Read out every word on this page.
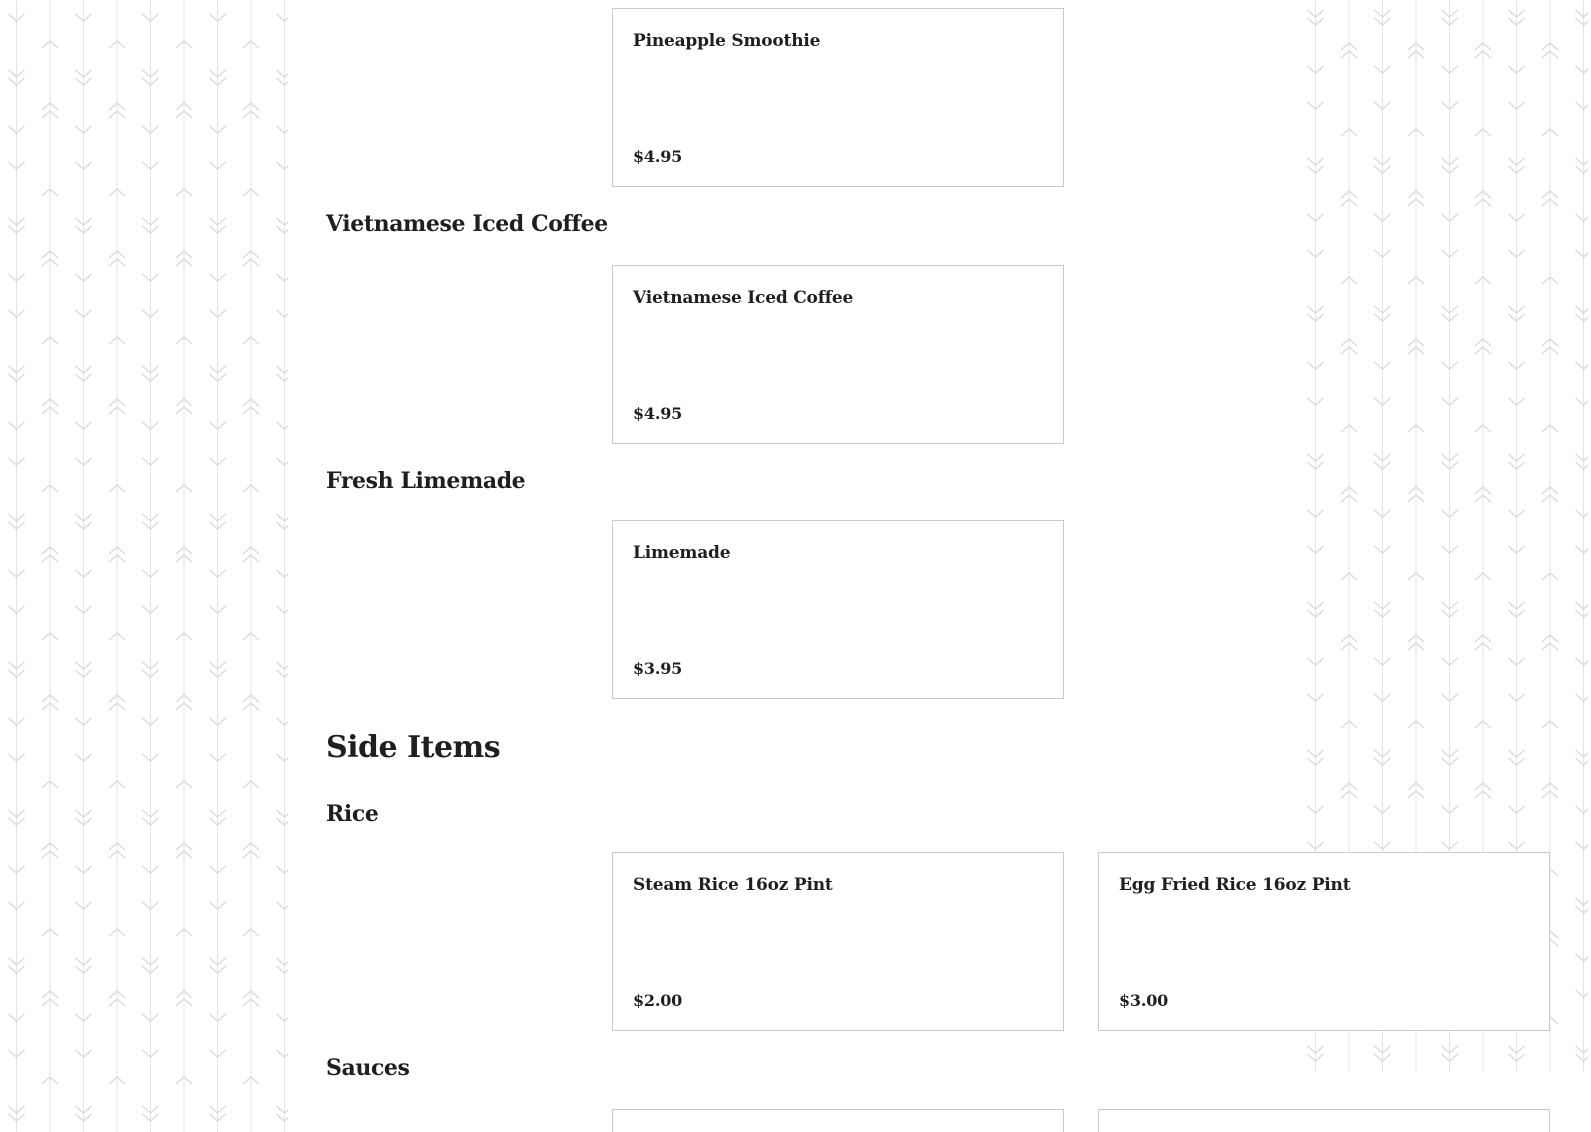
Pineapple Smoothie
$4.95
Vietnamese Iced Coffee
Vietnamese Iced Coffee
$4.95
Fresh Limemade
Limemade
$3.95
Side Items
Rice
Steam Rice 16oz Pint
$2.00
Egg Fried Rice 16oz Pint
$3.00
Sauces
